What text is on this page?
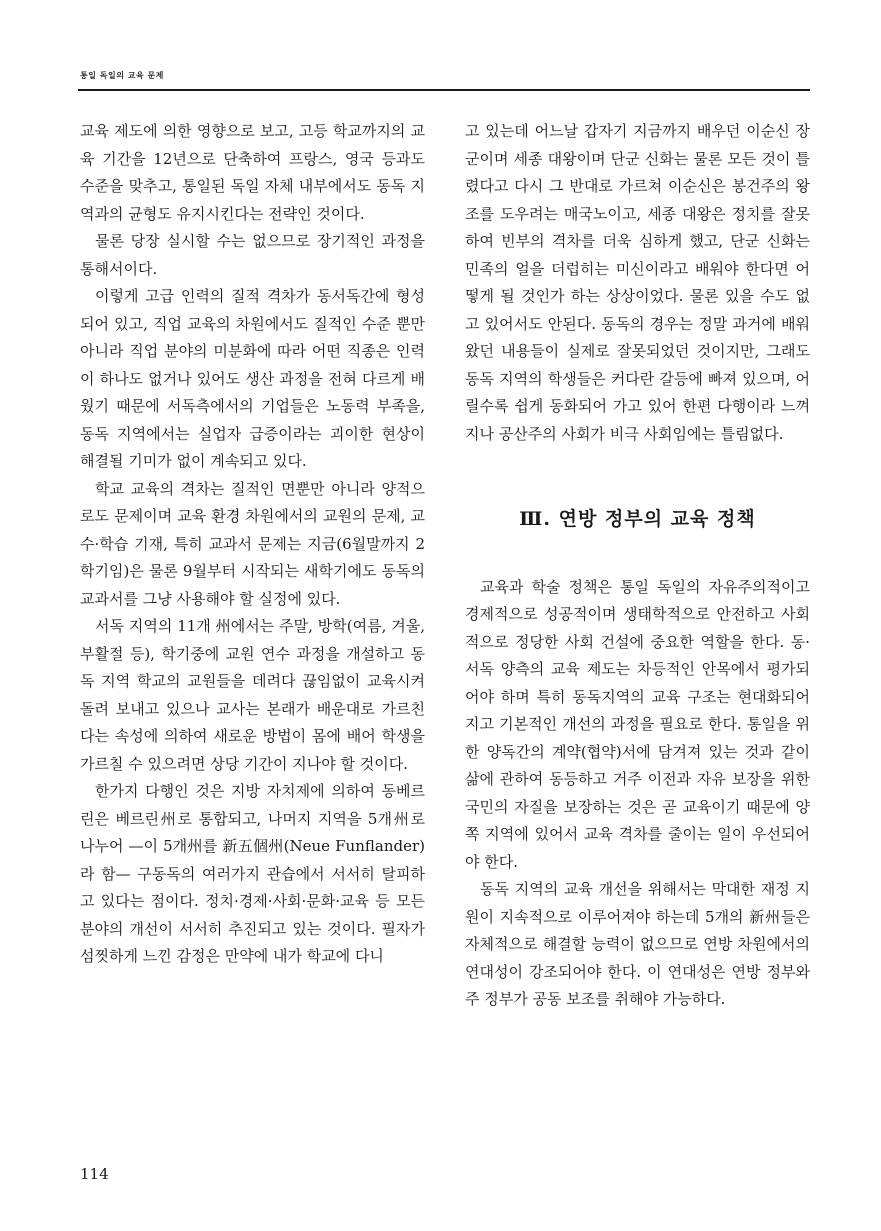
통일 독일의 교육 문제

교육 제도에 의한 영향으로 보고, 고등 학교까지의 교육 기간을 12년으로 단축하여 프랑스, 영국 등과도 수준을 맞추고, 통일된 독일 자체 내부에서도 동독 지역과의 균형도 유지시킨다는 전략인 것이다.

물론 당장 실시할 수는 없으므로 장기적인 과정을 통해서이다.

이렇게 고급 인력의 질적 격차가 동서독간에 형성되어 있고, 직업 교육의 차원에서도 질적인 수준 뿐만 아니라 직업 분야의 미분화에 따라 어떤 직종은 인력이 하나도 없거나 있어도 생산 과정을 전혀 다르게 배웠기 때문에 서독측에서의 기업들은 노동력 부족을, 동독 지역에서는 실업자 급증이라는 괴이한 현상이 해결될 기미가 없이 계속되고 있다.

학교 교육의 격차는 질적인 면뿐만 아니라 양적으로도 문제이며 교육 환경 차원에서의 교원의 문제, 교수·학습 기재, 특히 교과서 문제는 지금(6월말까지 2학기임)은 물론 9월부터 시작되는 새학기에도 동독의 교과서를 그냥 사용해야 할 실정에 있다.

서독 지역의 11개 州에서는 주말, 방학(여름, 겨울, 부활절 등), 학기중에 교원 연수 과정을 개설하고 동독 지역 학교의 교원들을 데려다 끊임없이 교육시켜 돌려 보내고 있으나 교사는 본래가 배운대로 가르친다는 속성에 의하여 새로운 방법이 몸에 배어 학생을 가르칠 수 있으려면 상당 기간이 지나야 할 것이다.

한가지 다행인 것은 지방 자치제에 의하여 동베르린은 베르린州로 통합되고, 나머지 지역을 5개州로 나누어 —이 5개州를 新五個州(Neue Funflander)라 함— 구동독의 여러가지 관습에서 서서히 탈피하고 있다는 점이다. 정치·경제·사회·문화·교육 등 모든 분야의 개선이 서서히 추진되고 있는 것이다. 필자가 섬찟하게 느낀 감정은 만약에 내가 학교에 다니

고 있는데 어느날 갑자기 지금까지 배우던 이순신 장군이며 세종 대왕이며 단군 신화는 물론 모든 것이 틀렸다고 다시 그 반대로 가르쳐 이순신은 봉건주의 왕조를 도우려는 매국노이고, 세종 대왕은 정치를 잘못하여 빈부의 격차를 더욱 심하게 했고, 단군 신화는 민족의 얼을 더럽히는 미신이라고 배워야 한다면 어떻게 될 것인가 하는 상상이었다. 물론 있을 수도 없고 있어서도 안된다. 동독의 경우는 정말 과거에 배워왔던 내용들이 실제로 잘못되었던 것이지만, 그래도 동독 지역의 학생들은 커다란 갈등에 빠져 있으며, 어릴수록 쉽게 동화되어 가고 있어 한편 다행이라 느껴지나 공산주의 사회가 비극 사회임에는 틀림없다.

Ⅲ. 연방 정부의 교육 정책

교육과 학술 정책은 통일 독일의 자유주의적이고 경제적으로 성공적이며 생태학적으로 안전하고 사회적으로 정당한 사회 건설에 중요한 역할을 한다. 동·서독 양측의 교육 제도는 차등적인 안목에서 평가되어야 하며 특히 동독지역의 교육 구조는 현대화되어지고 기본적인 개선의 과정을 필요로 한다. 통일을 위한 양독간의 계약(협약)서에 담겨져 있는 것과 같이 삶에 관하여 동등하고 거주 이전과 자유 보장을 위한 국민의 자질을 보장하는 것은 곧 교육이기 때문에 양쪽 지역에 있어서 교육 격차를 줄이는 일이 우선되어야 한다.

동독 지역의 교육 개선을 위해서는 막대한 재정 지원이 지속적으로 이루어져야 하는데 5개의 新州들은 자체적으로 해결할 능력이 없으므로 연방 차원에서의 연대성이 강조되어야 한다. 이 연대성은 연방 정부와 주 정부가 공동 보조를 취해야 가능하다.

114
